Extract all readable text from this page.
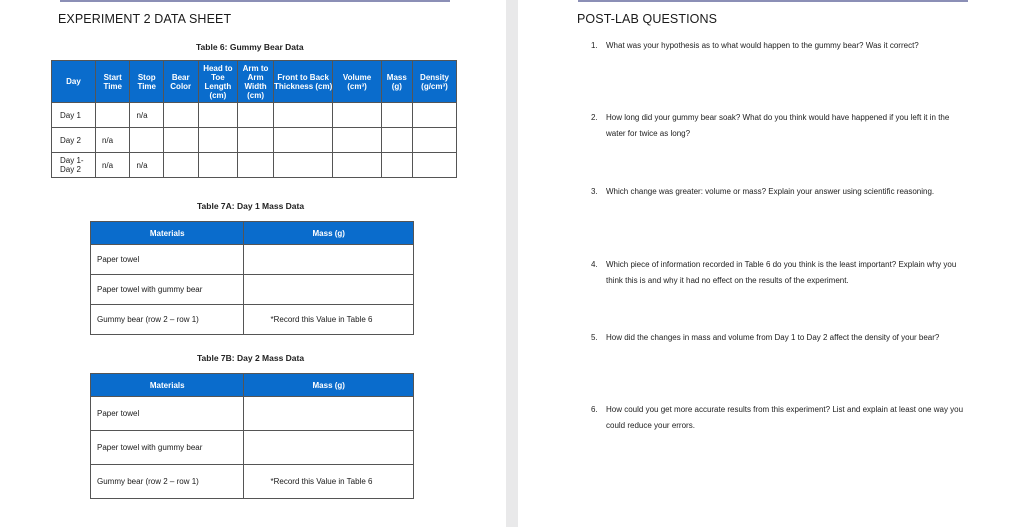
EXPERIMENT 2 DATA SHEET
Table 6: Gummy Bear Data
Day	Start Time	Stop Time	Bear Color	Head to Toe Length (cm)	Arm to Arm Width (cm)	Front to Back Thickness (cm)	Volume (cm³)	Mass (g)	Density (g/cm³)
Day 1		n/a							
Day 2	n/a								
Day 1- Day 2	n/a	n/a							
Table 7A: Day 1 Mass Data
Materials	Mass (g)
Paper towel	
Paper towel with gummy bear	
Gummy bear (row 2 – row 1)	*Record this Value in Table 6
Table 7B: Day 2 Mass Data
Materials	Mass (g)
Paper towel	
Paper towel with gummy bear	
Gummy bear (row 2 – row 1)	*Record this Value in Table 6
POST-LAB QUESTIONS
1. What was your hypothesis as to what would happen to the gummy bear? Was it correct?
2. How long did your gummy bear soak? What do you think would have happened if you left it in the water for twice as long?
3. Which change was greater: volume or mass? Explain your answer using scientific reasoning.
4. Which piece of information recorded in Table 6 do you think is the least important? Explain why you think this is and why it had no effect on the results of the experiment.
5. How did the changes in mass and volume from Day 1 to Day 2 affect the density of your bear?
6. How could you get more accurate results from this experiment? List and explain at least one way you could reduce your errors.
